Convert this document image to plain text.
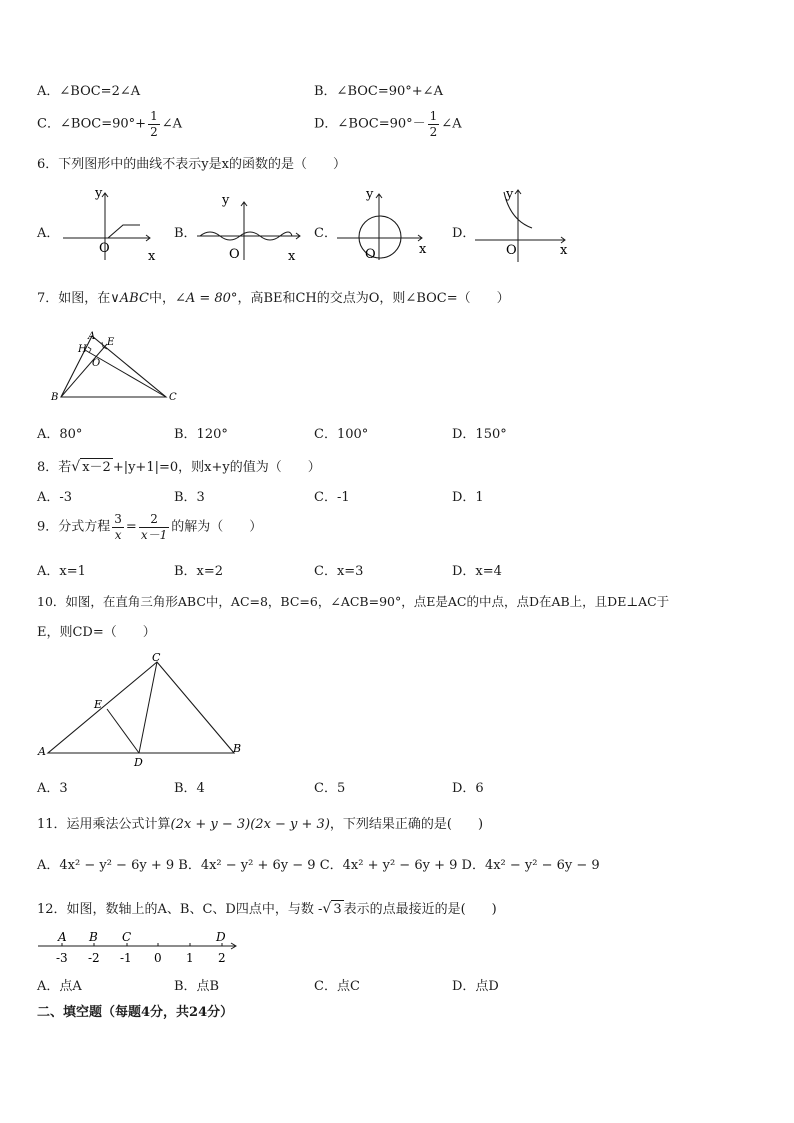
A．∠BOC=2∠A	B．∠BOC=90°+∠A
C．∠BOC=90°+ $\frac{1}{2}$ ∠A	D．∠BOC=90°－ $\frac{1}{2}$ ∠A
6．下列图形中的曲线不表示y是x的函数的是（　　）
A．
y
O
x
B．
y
O	x
C．
y
O	x
D．
y
O	x
7．如图，在∨ABC中，∠A = 80°，高BE和CH的交点为O，则∠BOC=（　　）
A
E
H
O
B	C
A．80°	B．120°	C．100°	D．150°
8．若√ x－2 +|y+1|=0，则x+y的值为（　　）
A．-3	B．3	C．-1	D．1
9．分式方程 $\frac{3}{x} = \frac{2}{x-1}$ 的解为（　　）
A．x=1	B．x=2	C．x=3	D．x=4
10．如图，在直角三角形ABC中，AC=8，BC=6，∠ACB=90°，点E是AC的中点，点D在AB上，且DE⊥AC于
E，则CD=（　　）
C
E
A
D
B
A．3	B．4	C．5	D．6
11．运用乘法公式计算(2x + y − 3)(2x − y + 3)，下列结果正确的是(　　)
A．4x² − y² − 6y + 9 B．4x² − y² + 6y − 9 C．4x² + y² − 6y + 9 D．4x² − y² − 6y − 9
12．如图，数轴上的A、B、C、D四点中，与数 -√ 3 表示的点最接近的是(　　)
A B C	D
-3 -2 -1 0 1 2
A．点A	B．点B	C．点C	D．点D
二、填空题（每题4分，共24分）
